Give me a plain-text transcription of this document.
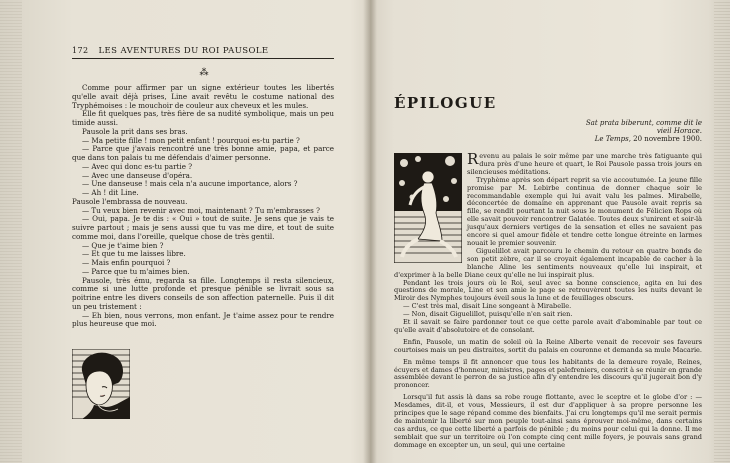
172 LES AVENTURES DU ROI PAUSOLE
⁂

Comme pour affirmer par un signe extérieur toutes les libertés qu'elle avait déjà prises, Line avait revêtu le costume national des Tryphémoises : le mouchoir de couleur aux cheveux et les mules.

Elle fit quelques pas, très fière de sa nudité symbolique, mais un peu timide aussi.

Pausole la prit dans ses bras.

— Ma petite fille ! mon petit enfant ! pourquoi es-tu partie ?

— Parce que j'avais rencontré une très bonne amie, papa, et parce que dans ton palais tu me défendais d'aimer personne.

— Avec qui donc es-tu partie ?

— Avec une danseuse d'opéra.

— Une danseuse ! mais cela n'a aucune importance, alors ?

— Ah ! dit Line.

Pausole l'embrassa de nouveau.

— Tu veux bien revenir avec moi, maintenant ? Tu m'embrasses ?

— Oui, papa. Je te dis : « Oui » tout de suite. Je sens que je vais te suivre partout ; mais je sens aussi que tu vas me dire, et tout de suite comme moi, dans l'oreille, quelque chose de très gentil.

— Que je t'aime bien ?

— Et que tu me laisses libre.

— Mais enfin pourquoi ?

— Parce que tu m'aimes bien.

Pausole, très ému, regarda sa fille. Longtemps il resta silencieux, comme si une lutte profonde et presque pénible se livrait sous sa poitrine entre les divers conseils de son affection paternelle. Puis il dit un peu tristement :

— Eh bien, nous verrons, mon enfant. Je t'aime assez pour te rendre plus heureuse que moi.

ÉPILOGUE
Sat prata biberunt, comme dit le
vieil Horace.
Le Temps, 20 novembre 1900.
R evenu au palais le soir même par une marche très fatiguante qui dura près d'une heure et quart, le Roi Pausole passa trois jours en silencieuses méditations.

Tryphème après son départ reprit sa vie accoutumée. La jeune fille promise par M. Lebirbe continua de donner chaque soir le recommandable exemple qui lui avait valu les palmes. Mirabelle, déconcertée de domaine en apprenant que Pausole avait repris sa fille, se rendit pourtant la nuit sous le monument de Félicien Rops où elle savait pouvoir rencontrer Galatée. Toutes deux s'unirent et soir-là jusqu'aux derniers vertiges de la sensation et elles ne savaient pas encore si quel amour fidèle et tendre cette longue étreinte en larmes nouait le premier souvenir.

Giguelillot avait parcouru le chemin du retour en quatre bonds de son petit zèbre, car il se croyait également incapable de cacher à la blanche Aline les sentiments nouveaux qu'elle lui inspirait, et d'exprimer à la belle Diane ceux qu'elle ne lui inspirait plus.

Pendant les trois jours où le Roi, seul avec sa bonne conscience, agita en lui des questions de morale, Line et son amie le page se retrouvèrent toutes les nuits devant le Miroir des Nymphes toujours éveil sous la lune et de feuillages obscurs.

— C'est très mal, disait Line songeant à Mirabelle.

— Non, disait Giguelillot, puisqu'elle n'en sait rien.

Et il savait se faire pardonner tout ce que cette parole avait d'abominable par tout ce qu'elle avait d'absolutoire et de consolant.

Enfin, Pausole, un matin de soleil où la Reine Alberte venait de recevoir ses faveurs courtoises mais un peu distraites, sortit du palais en couronne et demanda sa mule Macarie.

En même temps il fit annoncer que tous les habitants de la demeure royale, Reines, écuyers et dames d'honneur, ministres, pages et palefreniers, conscrit à se réunir en grande assemblée devant le perron de sa justice afin d'y entendre les discours qu'il jugerait bon d'y prononcer.

Lorsqu'il fut assis là dans sa robe rouge flottante, avec le sceptre et le globe d'or : — Mesdames, dit-il, et vous, Messieurs, il est dur d'appliquer à sa propre personne les principes que le sage répand comme des bienfaits. J'ai cru longtemps qu'il me serait permis de maintenir la liberté sur mon peuple tout-ainsi sans éprouver moi-même, dans certains cas ardus, ce que cette liberté a parfois de pénible ; du moins pour celui qui la donne. Il me semblait que sur un territoire où l'on compte cinq cent mille foyers, je pouvais sans grand dommage en excepter un, un seul, qui une certaine
